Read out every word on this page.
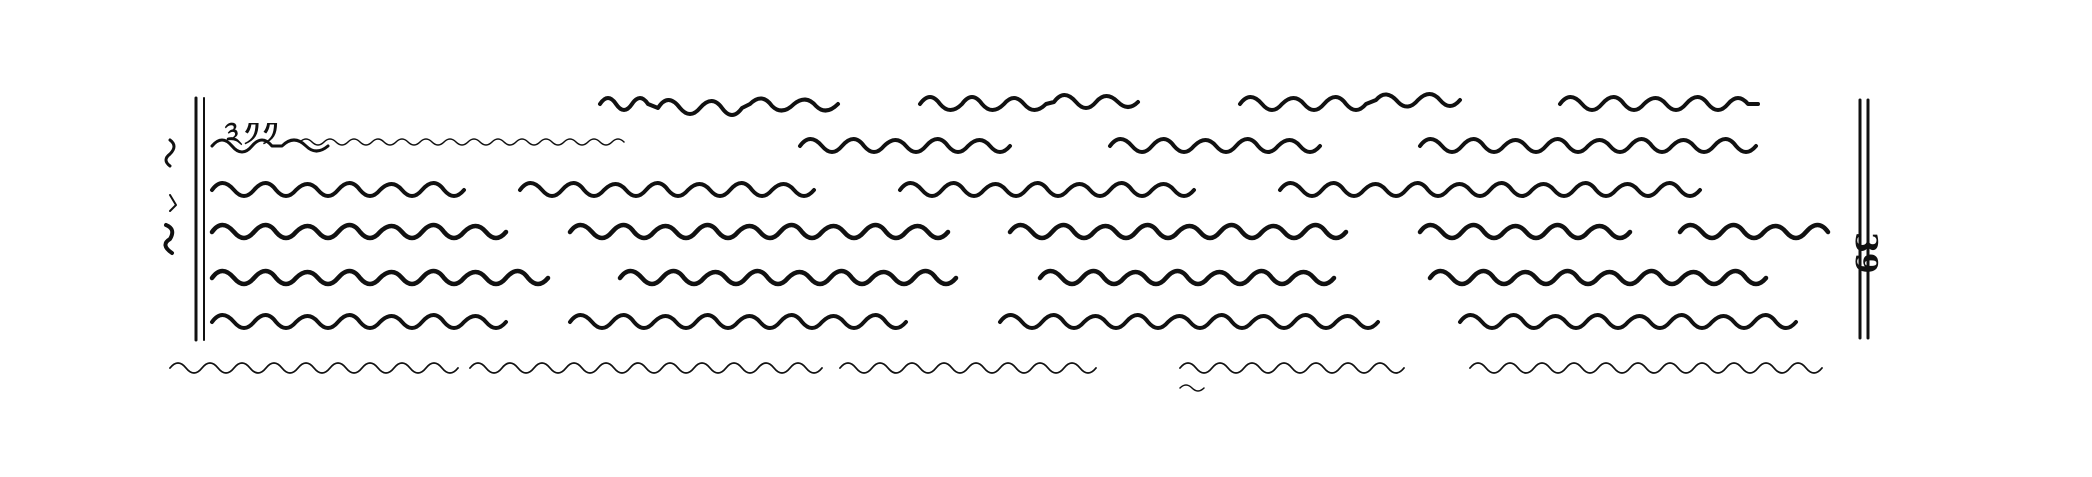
༣༡༡
39
